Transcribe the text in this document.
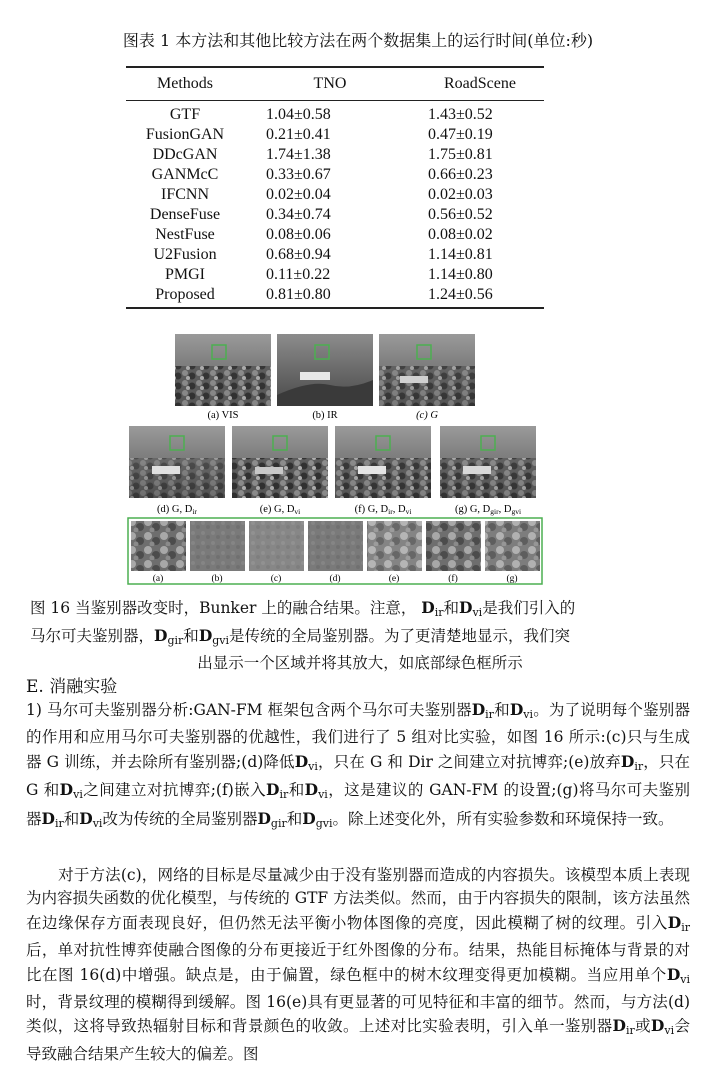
图表 1 本方法和其他比较方法在两个数据集上的运行时间(单位:秒)
Methods	TNO	RoadScene
GTF	1.04±0.58	1.43±0.52
FusionGAN	0.21±0.41	0.47±0.19
DDcGAN	1.74±1.38	1.75±0.81
GANMcC	0.33±0.67	0.66±0.23
IFCNN	0.02±0.04	0.02±0.03
DenseFuse	0.34±0.74	0.56±0.52
NestFuse	0.08±0.06	0.08±0.02
U2Fusion	0.68±0.94	1.14±0.81
PMGI	0.11±0.22	1.14±0.80
Proposed	0.81±0.80	1.24±0.56
(a) VIS	(b) IR	(c) G
(d) G, Dir	(e) G, Dvi	(f) G, Dir, Dvi	(g) G, Dgir, Dgvi
(a)	(b)	(c)	(d)	(e)	(f)	(g)
图 16 当鉴别器改变时，Bunker 上的融合结果。注意， $D_{ir}$和$D_{vi}$是我们引入的
马尔可夫鉴别器，$D_{gir}$和$D_{gvi}$是传统的全局鉴别器。为了更清楚地显示，我们突
出显示一个区域并将其放大，如底部绿色框所示
E. 消融实验
1) 马尔可夫鉴别器分析:GAN-FM 框架包含两个马尔可夫鉴别器$D_{ir}$和$D_{vi}$。为了说明每个鉴别器的作用和应用马尔可夫鉴别器的优越性，我们进行了 5 组对比实验，如图 16 所示:(c)只与生成器 G 训练，并去除所有鉴别器;(d)降低$D_{vi}$，只在 G 和 Dir 之间建立对抗博弈;(e)放弃$D_{ir}$，只在 G 和$D_{vi}$之间建立对抗博弈;(f)嵌入$D_{ir}$和$D_{vi}$，这是建议的 GAN-FM 的设置;(g)将马尔可夫鉴别器$D_{ir}$和$D_{vi}$改为传统的全局鉴别器$D_{gir}$和$D_{gvi}$。除上述变化外，所有实验参数和环境保持一致。
对于方法(c)，网络的目标是尽量减少由于没有鉴别器而造成的内容损失。该模型本质上表现为内容损失函数的优化模型，与传统的 GTF 方法类似。然而，由于内容损失的限制，该方法虽然在边缘保存方面表现良好，但仍然无法平衡小物体图像的亮度，因此模糊了树的纹理。引入$D_{ir}$后，单对抗性博弈使融合图像的分布更接近于红外图像的分布。结果，热能目标掩体与背景的对比在图 16(d)中增强。缺点是，由于偏置，绿色框中的树木纹理变得更加模糊。当应用单个$D_{vi}$时，背景纹理的模糊得到缓解。图 16(e)具有更显著的可见特征和丰富的细节。然而，与方法(d)类似，这将导致热辐射目标和背景颜色的收敛。上述对比实验表明，引入单一鉴别器$D_{ir}$或$D_{vi}$会导致融合结果产生较大的偏差。图
